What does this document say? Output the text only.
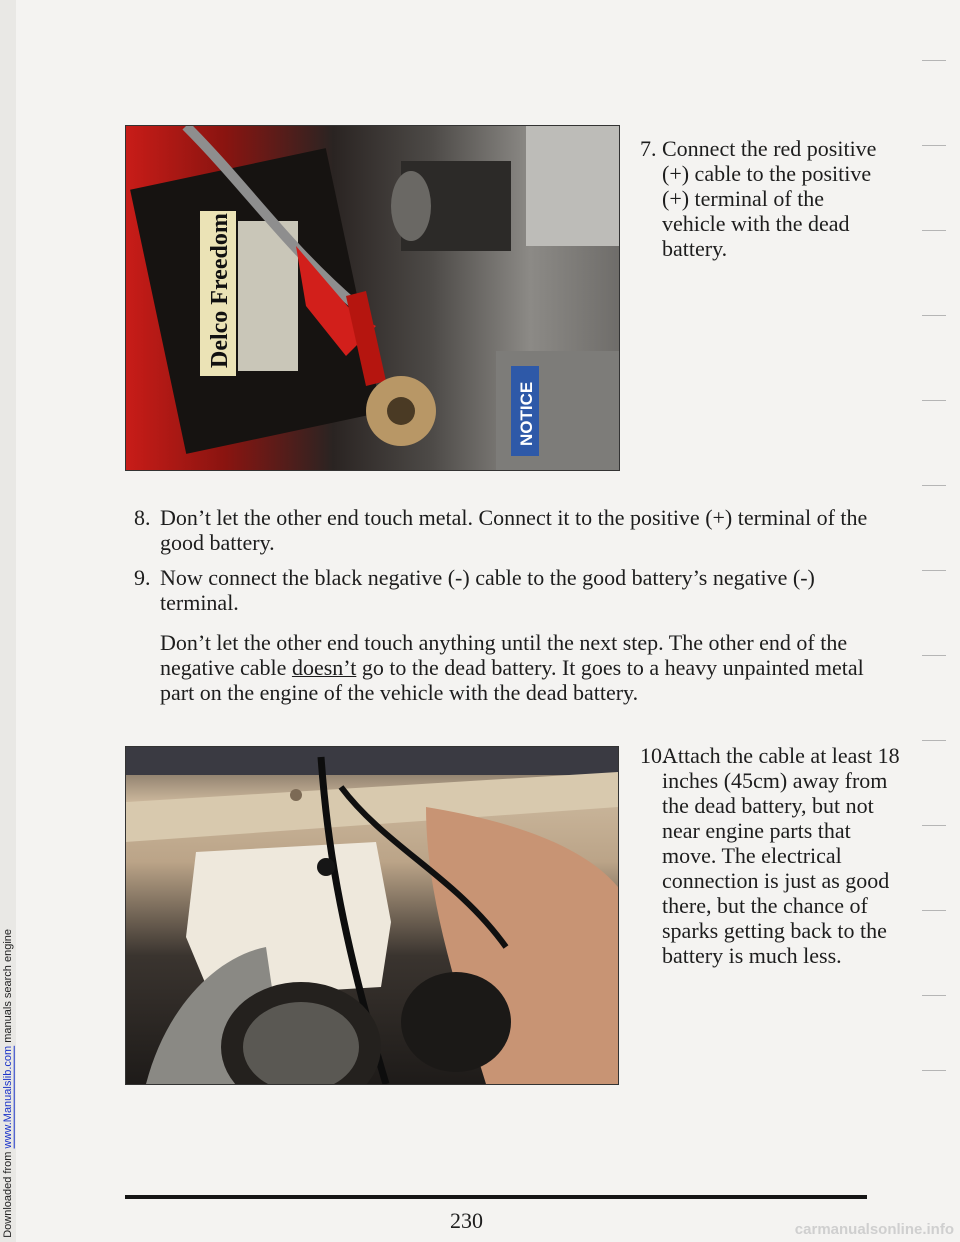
Downloaded from www.Manualslib.com manuals search engine
carmanualsonline.info
Delco Freedom
NOTICE
7. Connect the red positive (+) cable to the positive (+) terminal of the vehicle with the dead battery.
8. Don’t let the other end touch metal. Connect it to the positive (+) terminal of the good battery.
9. Now connect the black negative (-) cable to the good battery’s negative (-) terminal.
Don’t let the other end touch anything until the next step. The other end of the negative cable doesn’t go to the dead battery. It goes to a heavy unpainted metal part on the engine of the vehicle with the dead battery.
10.Attach the cable at least 18 inches (45cm) away from the dead battery, but not near engine parts that move. The electrical connection is just as good there, but the chance of sparks getting back to the battery is much less.
230
